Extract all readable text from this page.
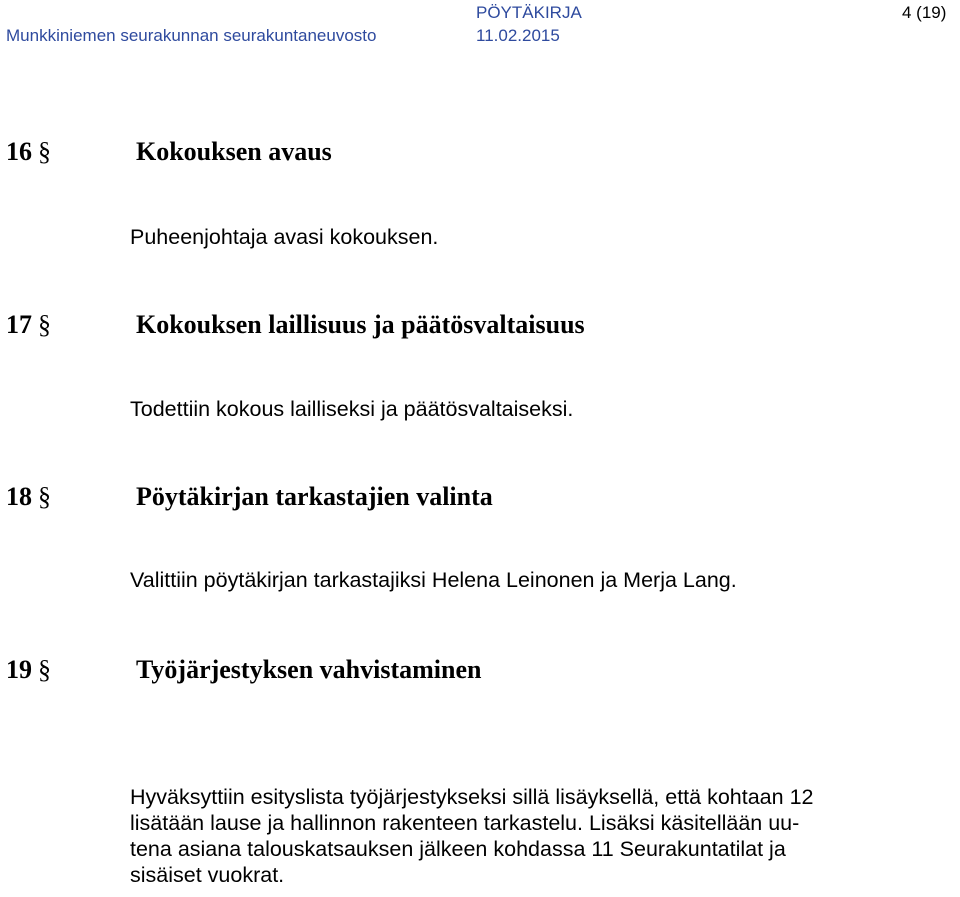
Munkkiniemen seurakunnan seurakuntaneuvosto
PÖYTÄKIRJA
11.02.2015
4 (19)
16 §	Kokouksen avaus
Puheenjohtaja avasi kokouksen.
17 §	Kokouksen laillisuus ja päätösvaltaisuus
Todettiin kokous lailliseksi ja päätösvaltaiseksi.
18 §	Pöytäkirjan tarkastajien valinta
Valittiin pöytäkirjan tarkastajiksi Helena Leinonen ja Merja Lang.
19 §	Työjärjestyksen vahvistaminen
Hyväksyttiin esityslista työjärjestykseksi sillä lisäyksellä, että kohtaan 12
lisätään lause ja hallinnon rakenteen tarkastelu. Lisäksi käsitellään uu-
tena asiana talouskatsauksen jälkeen kohdassa 11 Seurakuntatilat ja
sisäiset vuokrat.
